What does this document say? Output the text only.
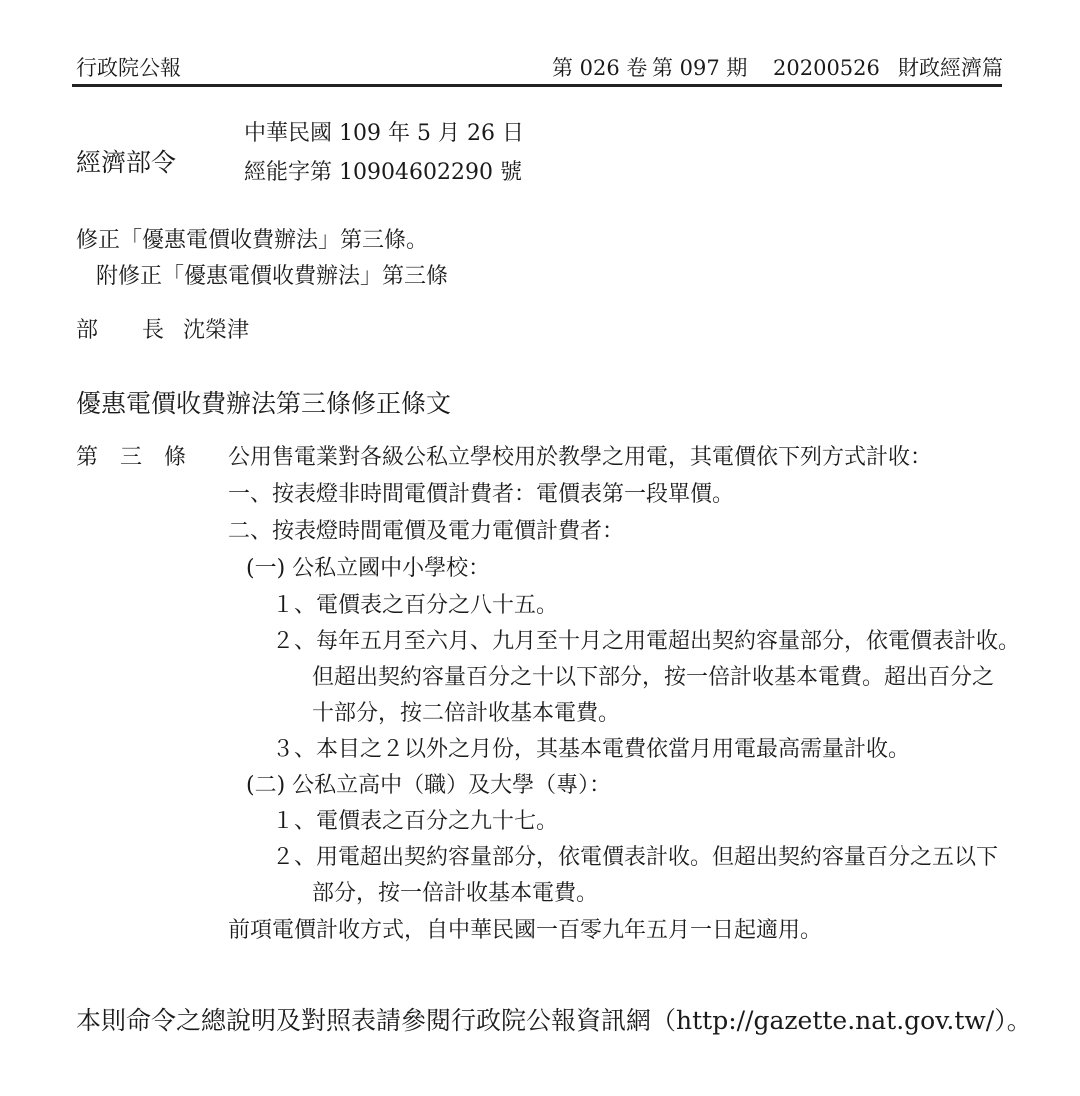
行政院公報	第 026 卷 第 097 期 20200526 財政經濟篇
經濟部令
中華民國 109 年 5 月 26 日
經能字第 10904602290 號
修正「優惠電價收費辦法」第三條。
附修正「優惠電價收費辦法」第三條
部　　長 沈榮津
優惠電價收費辦法第三條修正條文
第　三　條 公用售電業對各級公私立學校用於教學之用電，其電價依下列方式計收：
一、按表燈非時間電價計費者：電價表第一段單價。
二、按表燈時間電價及電力電價計費者：
(一) 公私立國中小學校：
１、電價表之百分之八十五。
２、每年五月至六月、九月至十月之用電超出契約容量部分，依電價表計收。
但超出契約容量百分之十以下部分，按一倍計收基本電費。超出百分之
十部分，按二倍計收基本電費。
３、本目之２以外之月份，其基本電費依當月用電最高需量計收。
(二) 公私立高中（職）及大學（專）：
１、電價表之百分之九十七。
２、用電超出契約容量部分，依電價表計收。但超出契約容量百分之五以下
部分，按一倍計收基本電費。
前項電價計收方式，自中華民國一百零九年五月一日起適用。
本則命令之總說明及對照表請參閱行政院公報資訊網（http://gazette.nat.gov.tw/）。
